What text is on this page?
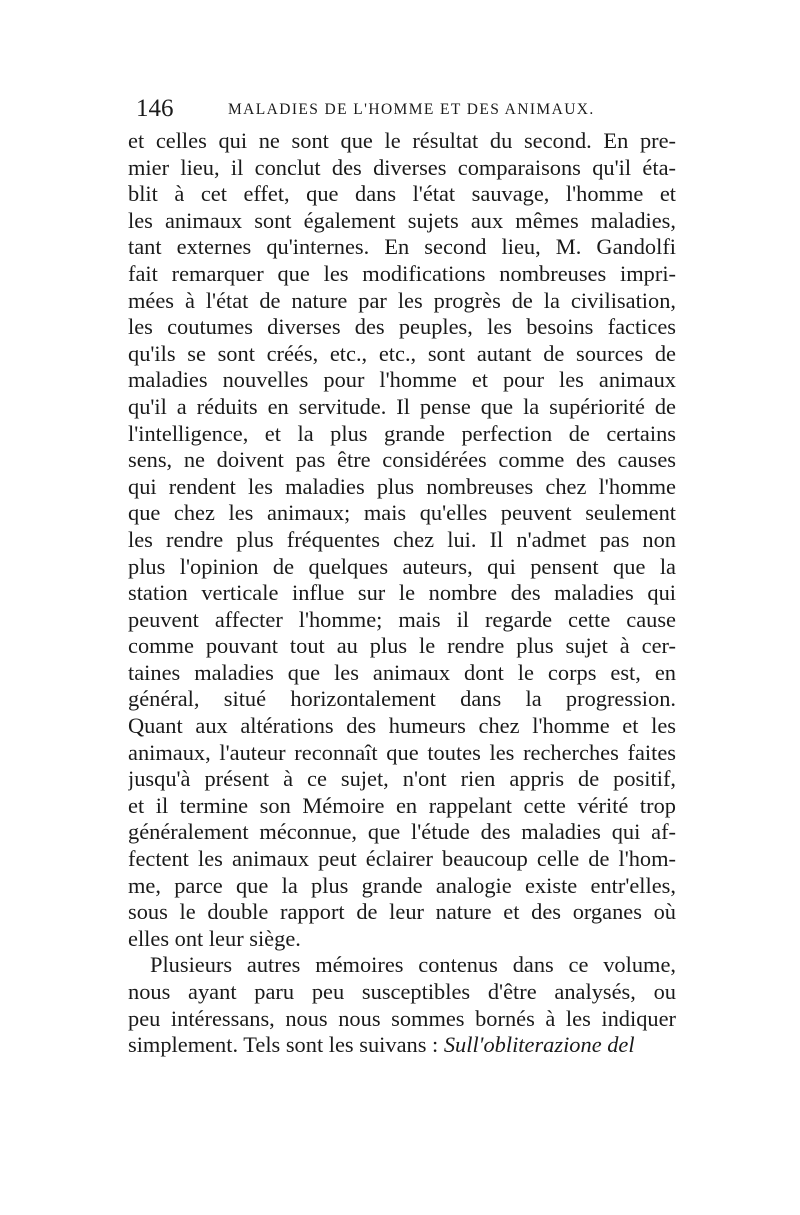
146	MALADIES DE L'HOMME ET DES ANIMAUX.
et celles qui ne sont que le résultat du second. En pre-
mier lieu, il conclut des diverses comparaisons qu'il éta-
blit à cet effet, que dans l'état sauvage, l'homme et
les animaux sont également sujets aux mêmes maladies,
tant externes qu'internes. En second lieu, M. Gandolfi
fait remarquer que les modifications nombreuses impri-
mées à l'état de nature par les progrès de la civilisation,
les coutumes diverses des peuples, les besoins factices
qu'ils se sont créés, etc., etc., sont autant de sources de
maladies nouvelles pour l'homme et pour les animaux
qu'il a réduits en servitude. Il pense que la supériorité de
l'intelligence, et la plus grande perfection de certains
sens, ne doivent pas être considérées comme des causes
qui rendent les maladies plus nombreuses chez l'homme
que chez les animaux; mais qu'elles peuvent seulement
les rendre plus fréquentes chez lui. Il n'admet pas non
plus l'opinion de quelques auteurs, qui pensent que la
station verticale influe sur le nombre des maladies qui
peuvent affecter l'homme; mais il regarde cette cause
comme pouvant tout au plus le rendre plus sujet à cer-
taines maladies que les animaux dont le corps est, en
général, situé horizontalement dans la progression.
Quant aux altérations des humeurs chez l'homme et les
animaux, l'auteur reconnaît que toutes les recherches faites
jusqu'à présent à ce sujet, n'ont rien appris de positif,
et il termine son Mémoire en rappelant cette vérité trop
généralement méconnue, que l'étude des maladies qui af-
fectent les animaux peut éclairer beaucoup celle de l'hom-
me, parce que la plus grande analogie existe entr'elles,
sous le double rapport de leur nature et des organes où
elles ont leur siège.
Plusieurs autres mémoires contenus dans ce volume,
nous ayant paru peu susceptibles d'être analysés, ou
peu intéressans, nous nous sommes bornés à les indiquer
simplement. Tels sont les suivans : Sull'obliterazione del
